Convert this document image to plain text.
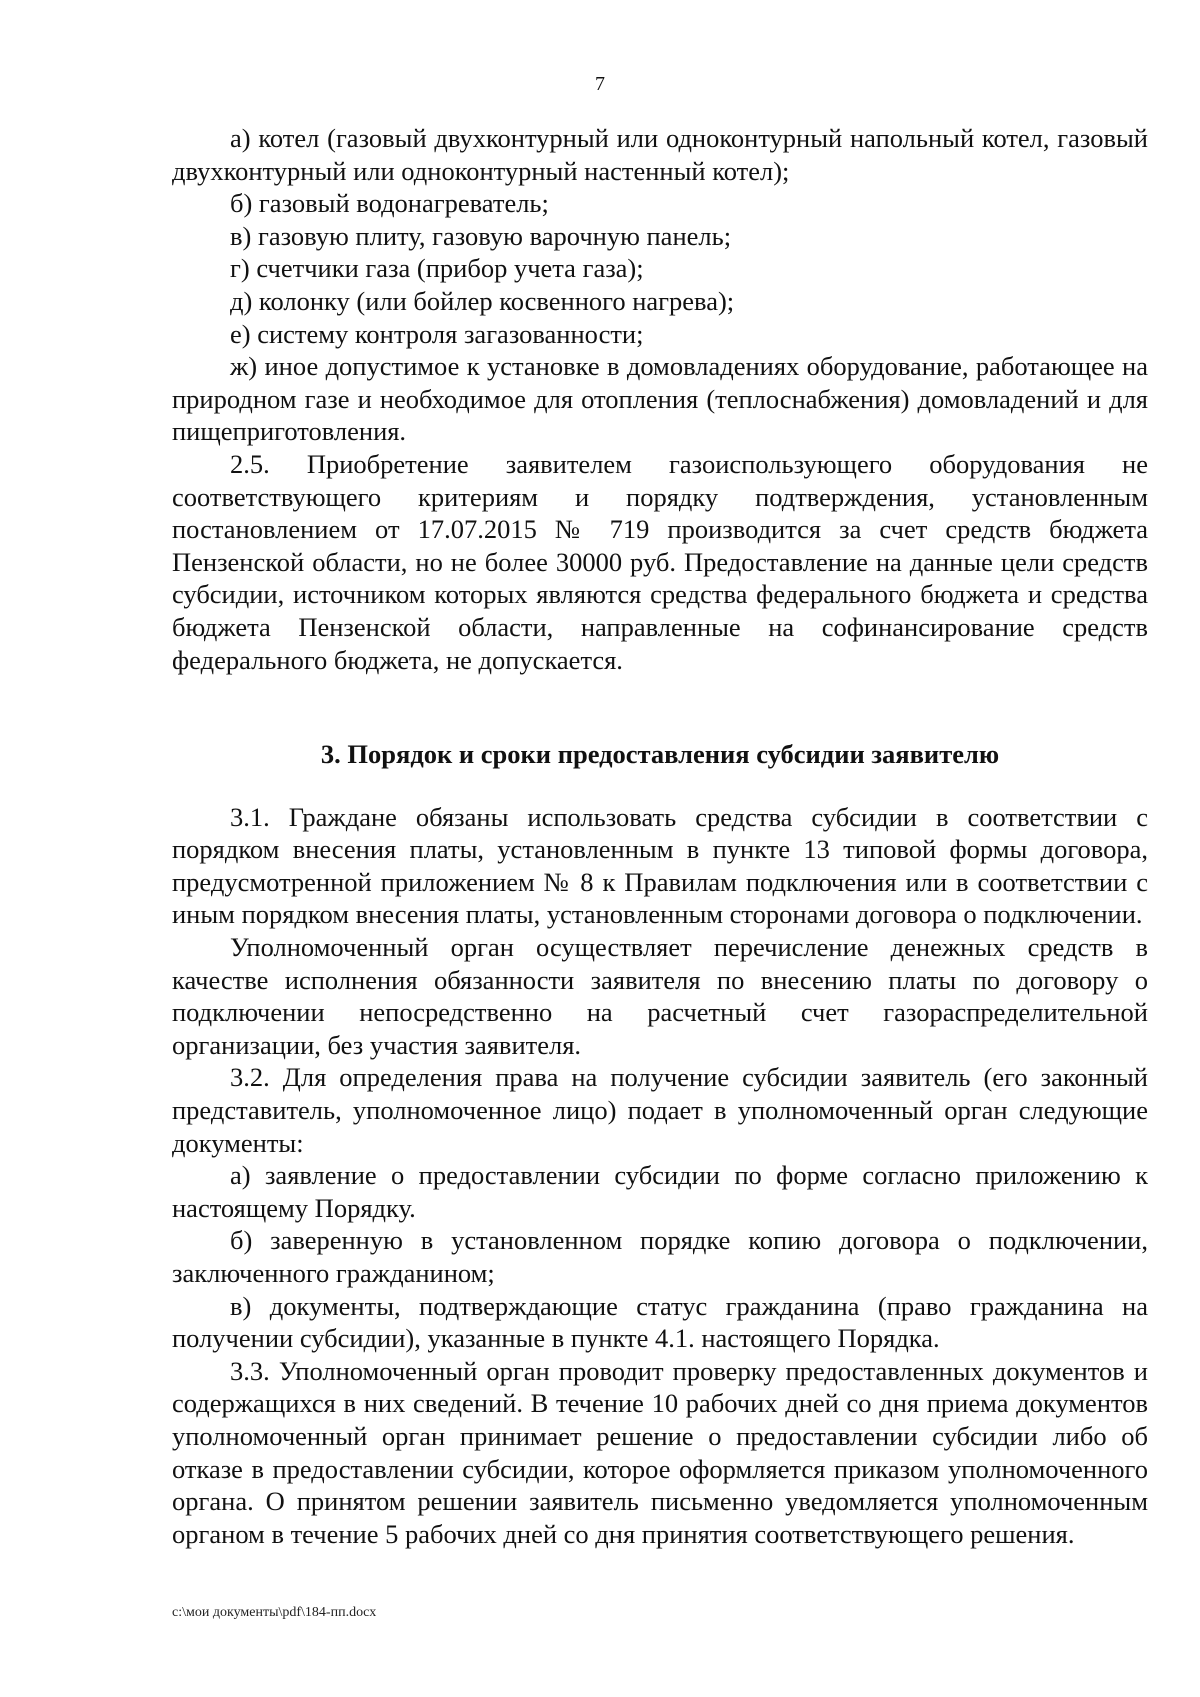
7

а) котел (газовый двухконтурный или одноконтурный напольный котел, газовый двухконтурный или одноконтурный настенный котел);

б) газовый водонагреватель;

в) газовую плиту, газовую варочную панель;

г) счетчики газа (прибор учета газа);

д) колонку (или бойлер косвенного нагрева);

е) систему контроля загазованности;

ж) иное допустимое к установке в домовладениях оборудование, работающее на природном газе и необходимое для отопления (теплоснабжения) домовладений и для пищеприготовления.

2.5. Приобретение заявителем газоиспользующего оборудования не соответствующего критериям и порядку подтверждения, установленным постановлением от 17.07.2015 № 719 производится за счет средств бюджета Пензенской области, но не более 30000 руб. Предоставление на данные цели средств субсидии, источником которых являются средства федерального бюджета и средства бюджета Пензенской области, направленные на софинансирование средств федерального бюджета, не допускается.

3. Порядок и сроки предоставления субсидии заявителю

3.1. Граждане обязаны использовать средства субсидии в соответствии с порядком внесения платы, установленным в пункте 13 типовой формы договора, предусмотренной приложением № 8 к Правилам подключения или в соответствии с иным порядком внесения платы, установленным сторонами договора о подключении.

Уполномоченный орган осуществляет перечисление денежных средств в качестве исполнения обязанности заявителя по внесению платы по договору о подключении непосредственно на расчетный счет газораспределительной организации, без участия заявителя.

3.2. Для определения права на получение субсидии заявитель (его законный представитель, уполномоченное лицо) подает в уполномоченный орган следующие документы:

а) заявление о предоставлении субсидии по форме согласно приложению к настоящему Порядку.

б) заверенную в установленном порядке копию договора о подключении, заключенного гражданином;

в) документы, подтверждающие статус гражданина (право гражданина на получении субсидии), указанные в пункте 4.1. настоящего Порядка.

3.3. Уполномоченный орган проводит проверку предоставленных документов и содержащихся в них сведений. В течение 10 рабочих дней со дня приема документов уполномоченный орган принимает решение о предоставлении субсидии либо об отказе в предоставлении субсидии, которое оформляется приказом уполномоченного органа. О принятом решении заявитель письменно уведомляется уполномоченным органом в течение 5 рабочих дней со дня принятия соответствующего решения.

c:\мои документы\pdf\184-пп.docx
